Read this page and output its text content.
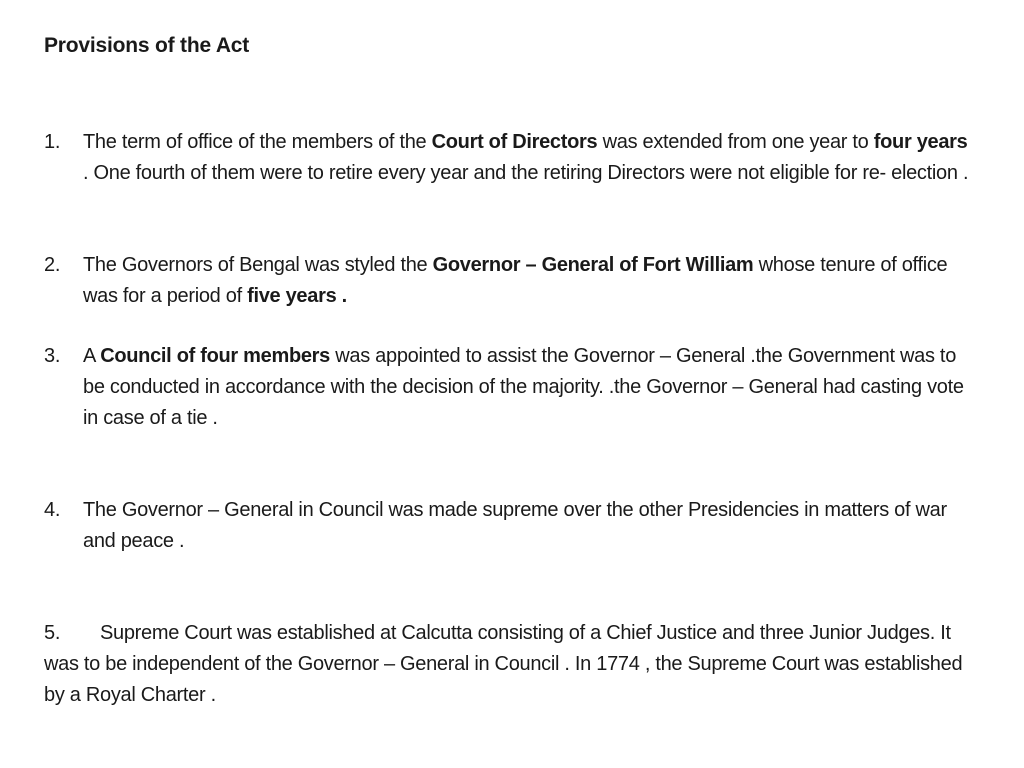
Provisions of the Act
1. The term of office of the members of the Court of Directors was extended from one year to four years . One fourth of them were to retire every year and the retiring Directors were not eligible for re- election .
2. The Governors of Bengal was styled the Governor – General of Fort William whose tenure of office was for a period of five years .
3. A Council of four members was appointed to assist the Governor – General .the Government was to be conducted in accordance with the decision of the majority. .the Governor – General had casting vote in case of a tie .
4. The Governor – General in Council was made supreme over the other Presidencies in matters of war and peace .
5. Supreme Court was established at Calcutta consisting of a Chief Justice and three Junior Judges. It was to be independent of the Governor – General in Council . In 1774 , the Supreme Court was established by a Royal Charter .
